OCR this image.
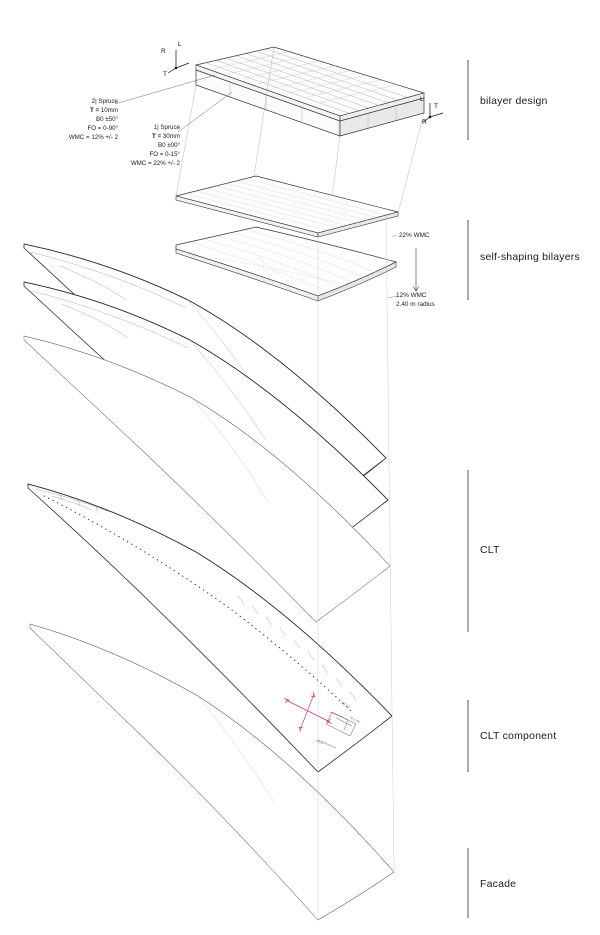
R
L
T
L
T
R
2| Spruce
T = 10mm
B0 ±50°
FO = 0-90°
WMC = 12% +/- 2
1| Spruce
T = 30mm
B0 ±00°
FO = 0-15°
WMC = 22% +/- 2
22% WMC
12% WMC
2.40 m radius
FS 01
12.5
R 2.40
bilayer design
self-shaping bilayers
CLT
CLT component
Facade
